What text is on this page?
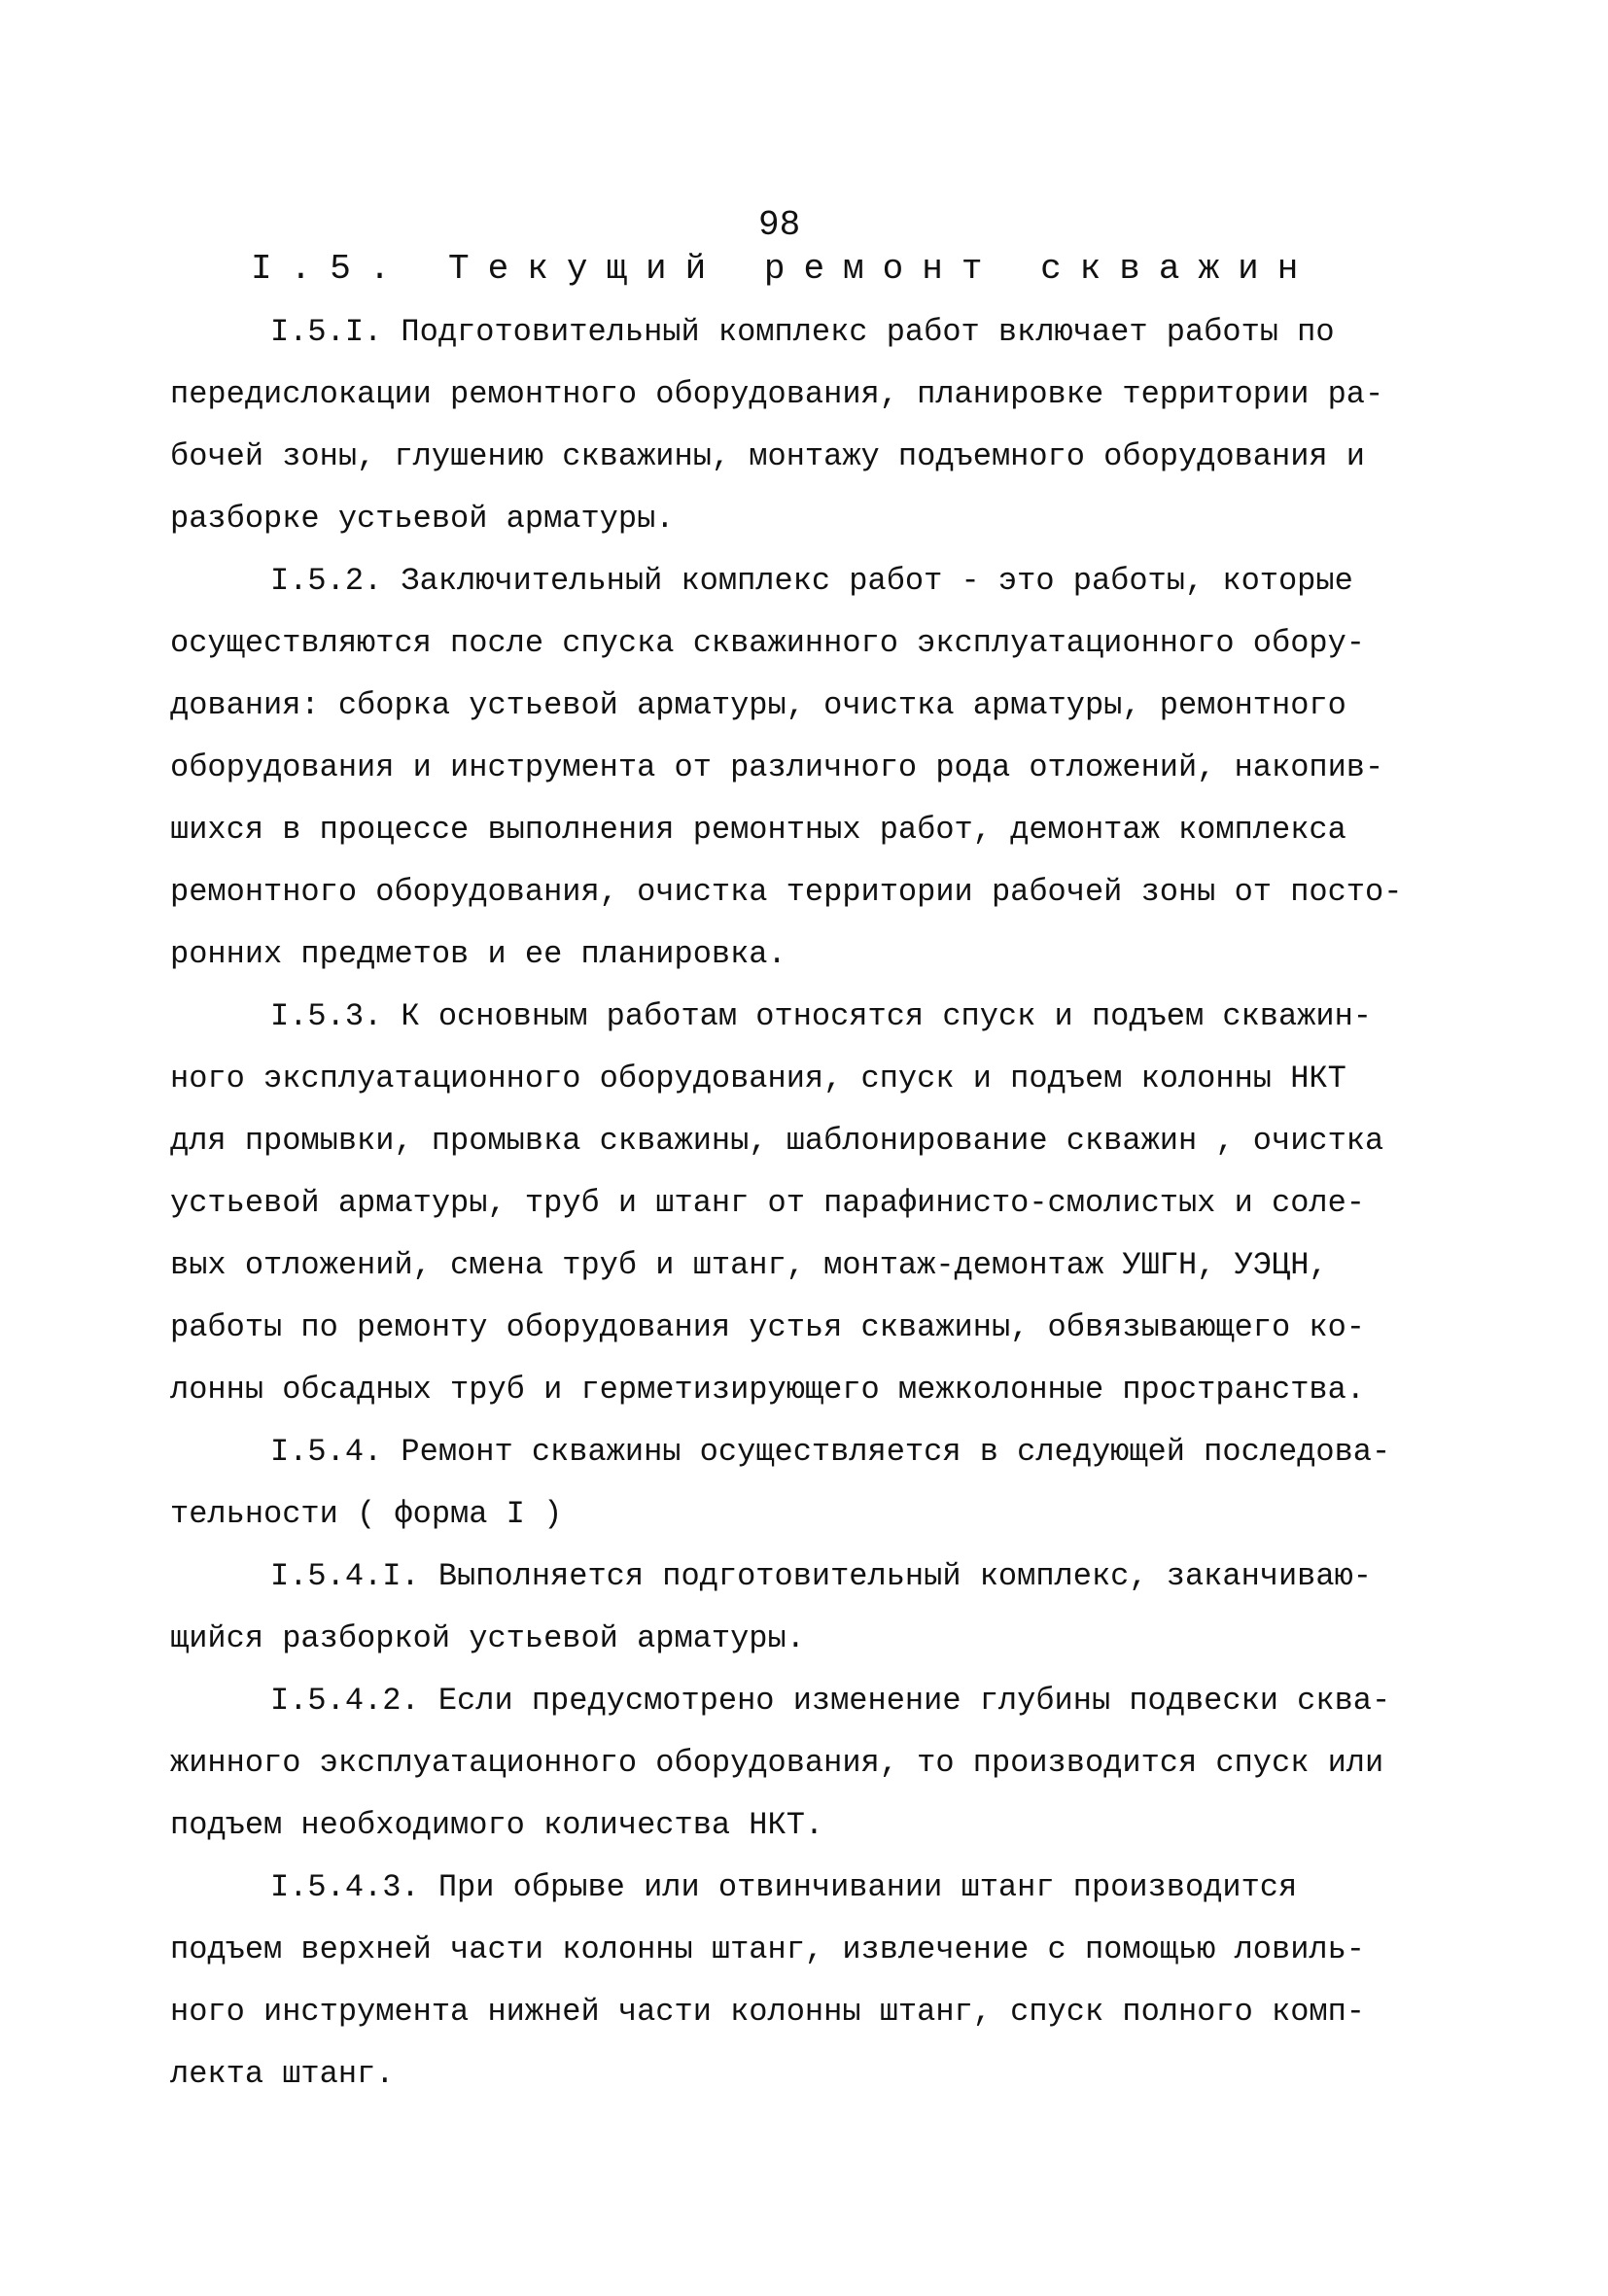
98
I.5. Текущий ремонт скважин
I.5.I. Подготовительный комплекс работ включает работы по
передислокации ремонтного оборудования, планировке территории ра-
бочей зоны, глушению скважины, монтажу подъемного оборудования и
разборке устьевой арматуры.
I.5.2. Заключительный комплекс работ - это работы, которые
осуществляются после спуска скважинного эксплуатационного обору-
дования: сборка устьевой арматуры, очистка арматуры, ремонтного
оборудования и инструмента от различного рода отложений, накопив-
шихся в процессе выполнения ремонтных работ, демонтаж комплекса
ремонтного оборудования, очистка территории рабочей зоны от посто-
ронних предметов и ее планировка.
I.5.3. К основным работам относятся спуск и подъем скважин-
ного эксплуатационного оборудования, спуск и подъем колонны НКТ
для промывки, промывка скважины, шаблонирование скважин , очистка
устьевой арматуры, труб и штанг от парафинисто-смолистых и соле-
вых отложений, смена труб и штанг, монтаж-демонтаж УШГН, УЭЦН,
работы по ремонту оборудования устья скважины, обвязывающего ко-
лонны обсадных труб и герметизирующего межколонные пространства.
I.5.4. Ремонт скважины осуществляется в следующей последова-
тельности ( форма I )
I.5.4.I. Выполняется подготовительный комплекс, заканчиваю-
щийся разборкой устьевой арматуры.
I.5.4.2. Если предусмотрено изменение глубины подвески сква-
жинного эксплуатационного оборудования, то производится спуск или
подъем необходимого количества НКТ.
I.5.4.3. При обрыве или отвинчивании штанг производится
подъем верхней части колонны штанг, извлечение с помощью ловиль-
ного инструмента нижней части колонны штанг, спуск полного комп-
лекта штанг.
